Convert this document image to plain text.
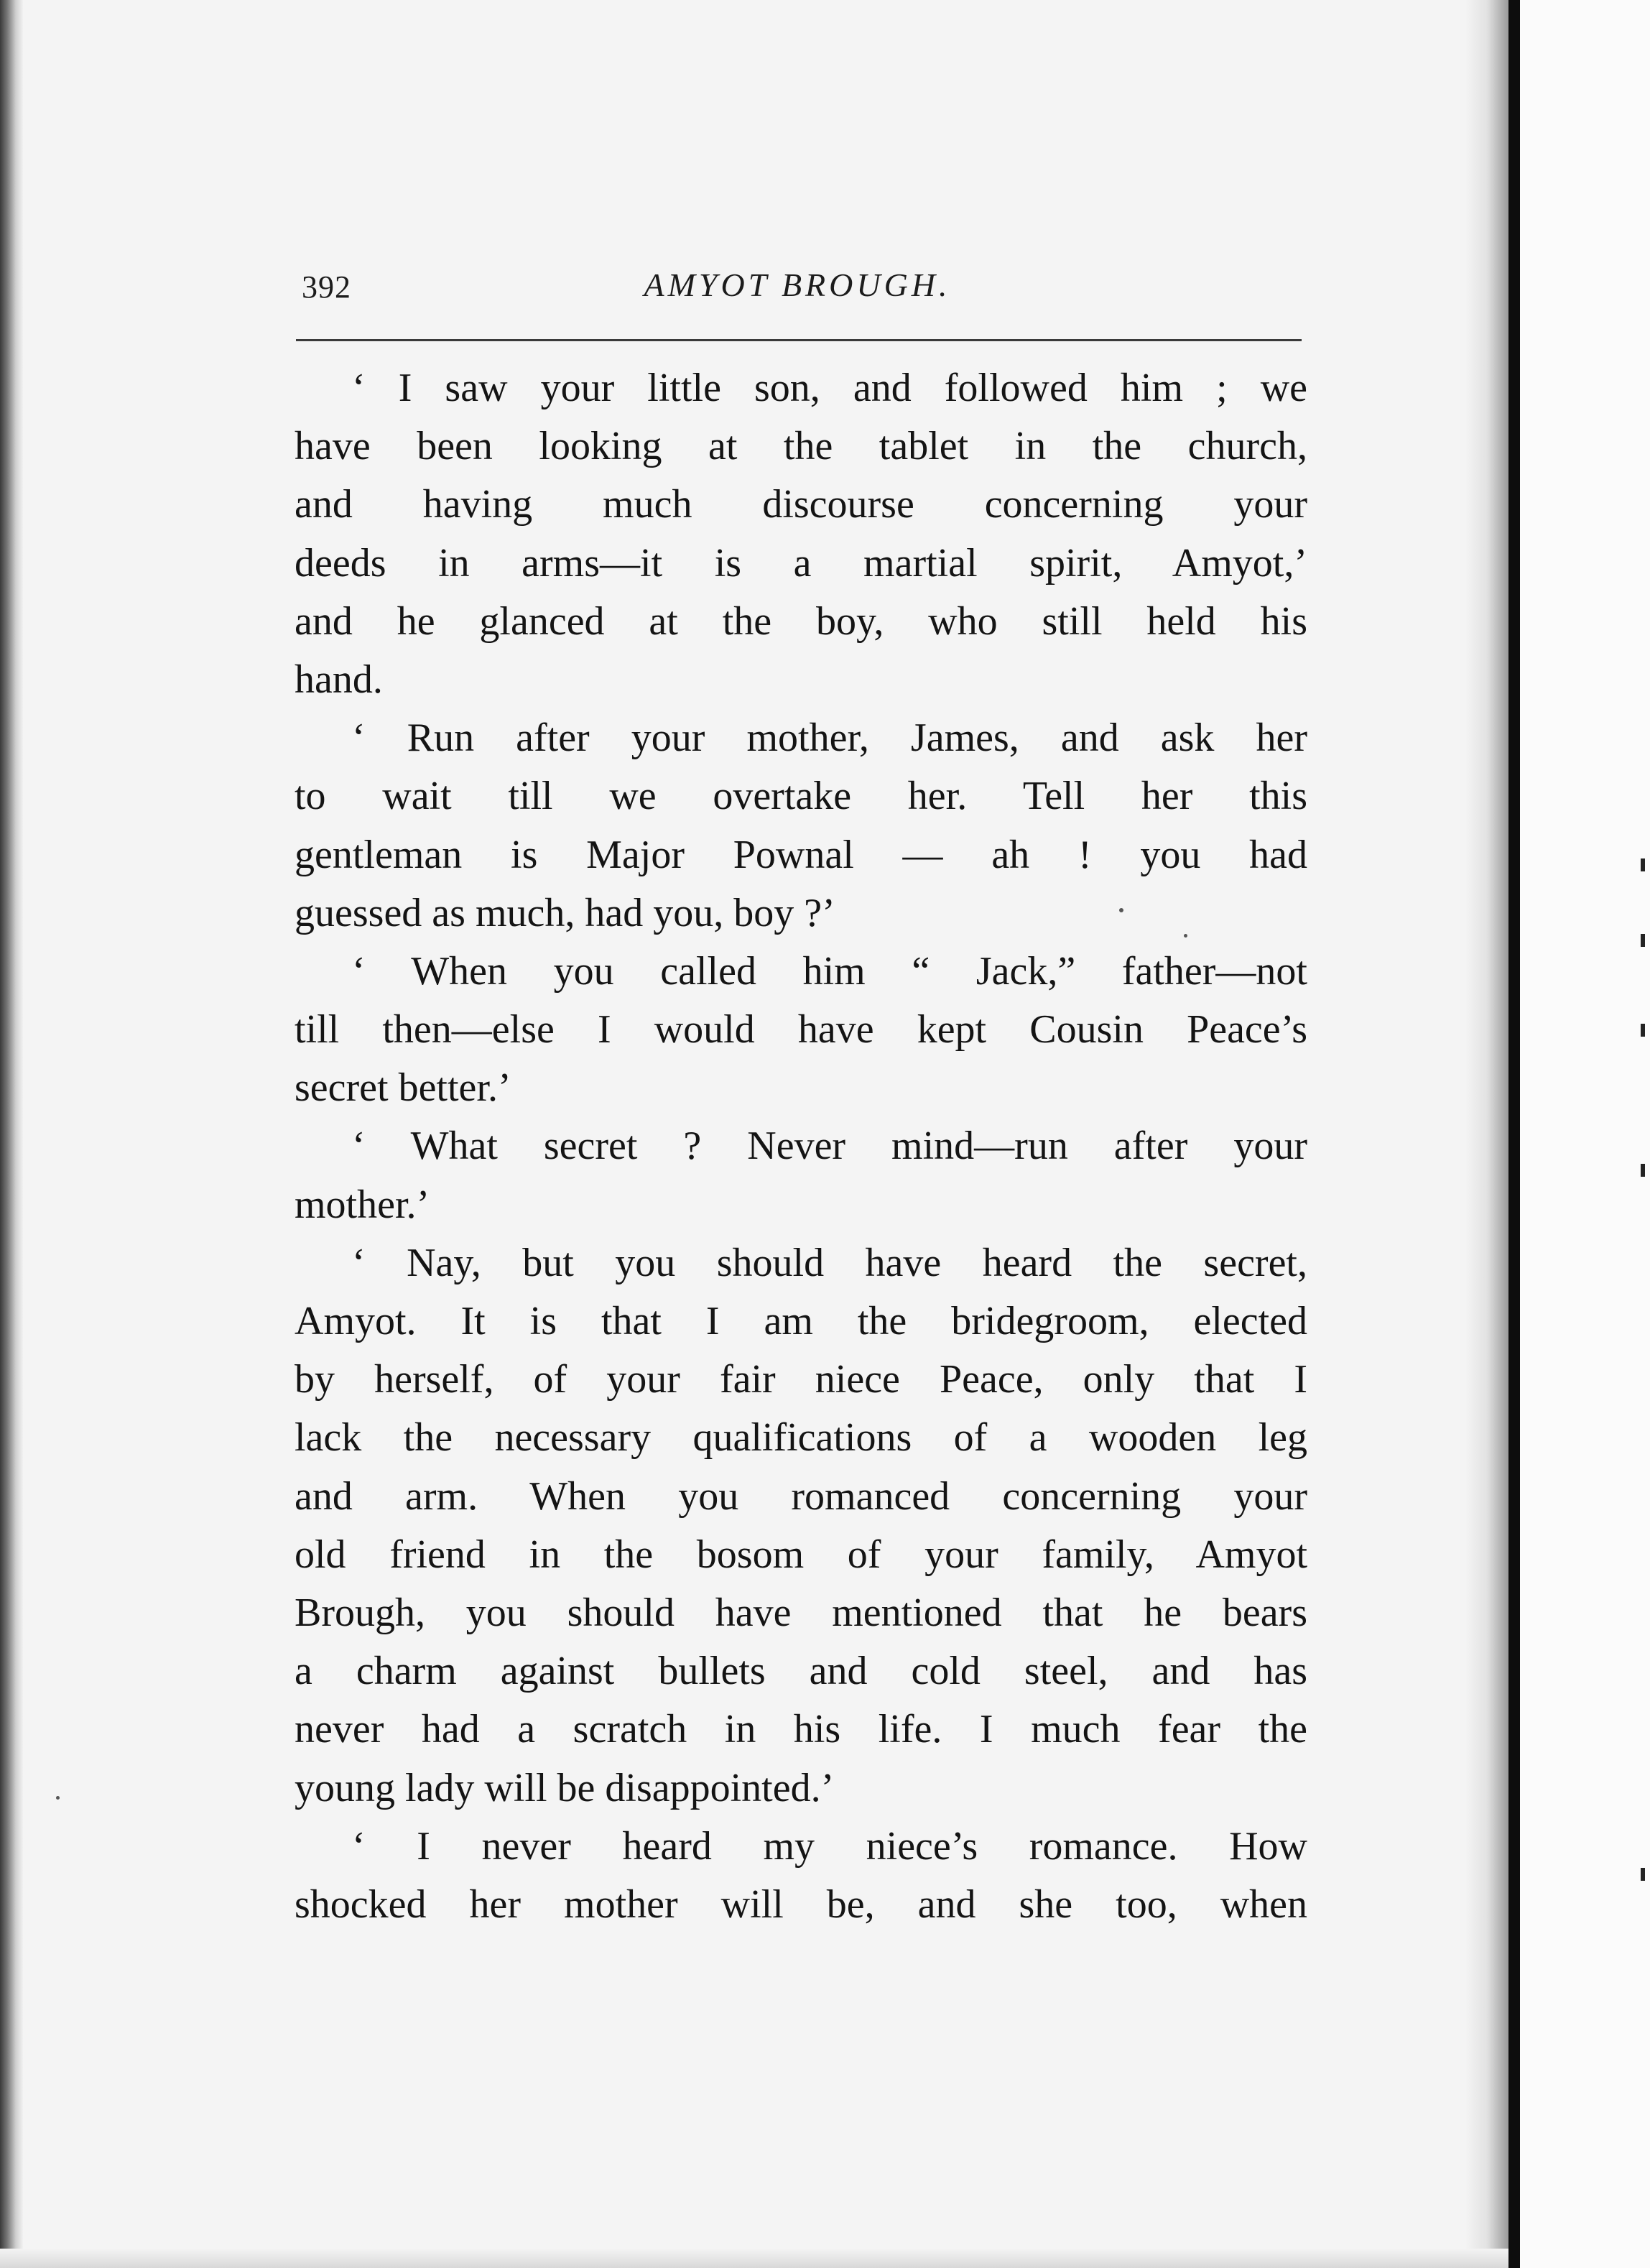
392	AMYOT BROUGH.

‘ I saw your little son, and followed him ; we
have been looking at the tablet in the church,
and having much discourse concerning your
deeds in arms—it is a martial spirit, Amyot,’
and he glanced at the boy, who still held his
hand.

‘ Run after your mother, James, and ask her
to wait till we overtake her. Tell her this
gentleman is Major Pownal — ah ! you had
guessed as much, had you, boy ?’

‘ When you called him “ Jack,” father—not
till then—else I would have kept Cousin Peace’s
secret better.’

‘ What secret ? Never mind—run after your
mother.’

‘ Nay, but you should have heard the secret,
Amyot. It is that I am the bridegroom, elected
by herself, of your fair niece Peace, only that I
lack the necessary qualifications of a wooden leg
and arm. When you romanced concerning your
old friend in the bosom of your family, Amyot
Brough, you should have mentioned that he bears
a charm against bullets and cold steel, and has
never had a scratch in his life. I much fear the
young lady will be disappointed.’

‘ I never heard my niece’s romance. How
shocked her mother will be, and she too, when
